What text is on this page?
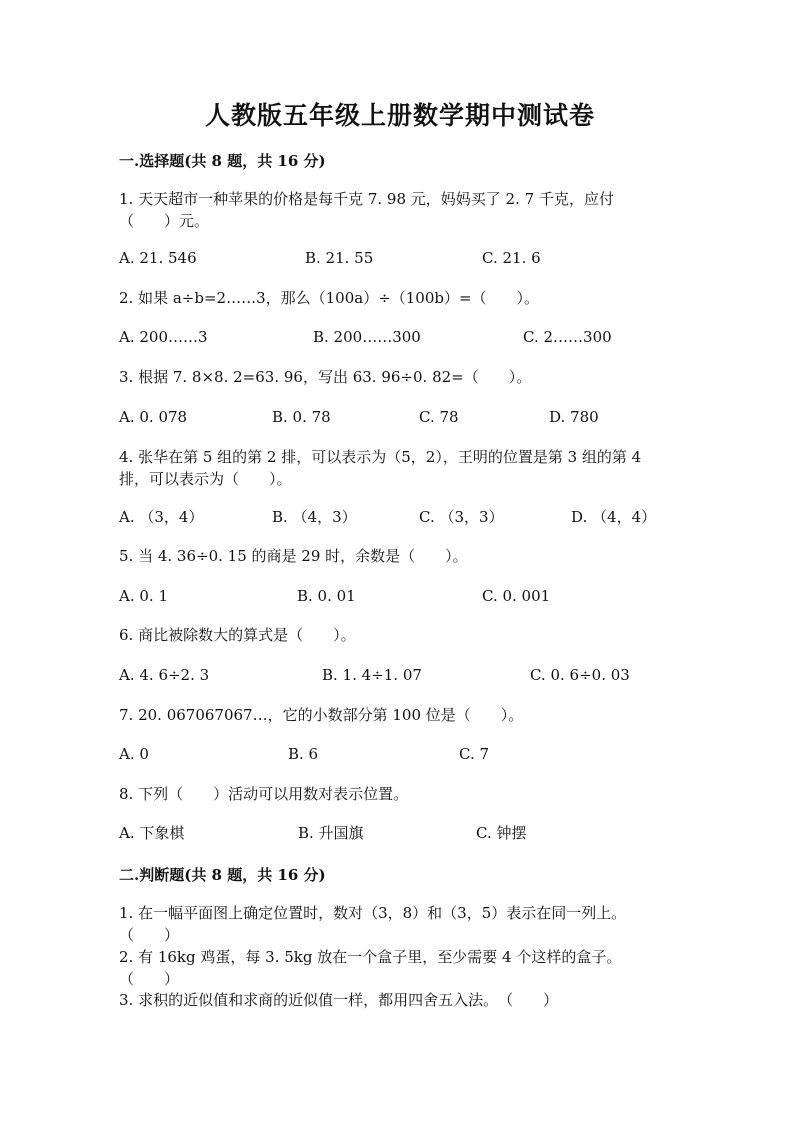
人教版五年级上册数学期中测试卷
一.选择题(共 8 题，共 16 分)
1. 天天超市一种苹果的价格是每千克 7. 98 元，妈妈买了 2. 7 千克，应付
（　　）元。
A. 21. 546	B. 21. 55	C. 21. 6
2. 如果 a÷b=2……3，那么（100a）÷（100b）=（　　）。
A. 200……3	B. 200……300	C. 2……300
3. 根据 7. 8×8. 2=63. 96，写出 63. 96÷0. 82=（　　）。
A. 0. 078	B. 0. 78	C. 78	D. 780
4. 张华在第 5 组的第 2 排，可以表示为（5，2），王明的位置是第 3 组的第 4
排，可以表示为（　　）。
A. （3，4）	B. （4，3）	C. （3，3）	D. （4，4）
5. 当 4. 36÷0. 15 的商是 29 时，余数是（　　）。
A. 0. 1	B. 0. 01	C. 0. 001
6. 商比被除数大的算式是（　　）。
A. 4. 6÷2. 3	B. 1. 4÷1. 07	C. 0. 6÷0. 03
7. 20. 067067067…，它的小数部分第 100 位是（　　）。
A. 0	B. 6	C. 7
8. 下列（　　）活动可以用数对表示位置。
A. 下象棋	B. 升国旗	C. 钟摆
二.判断题(共 8 题，共 16 分)
1. 在一幅平面图上确定位置时，数对（3，8）和（3，5）表示在同一列上。
（　　）
2. 有 16kg 鸡蛋，每 3. 5kg 放在一个盒子里，至少需要 4 个这样的盒子。
（　　）
3. 求积的近似值和求商的近似值一样，都用四舍五入法。　（　　）
